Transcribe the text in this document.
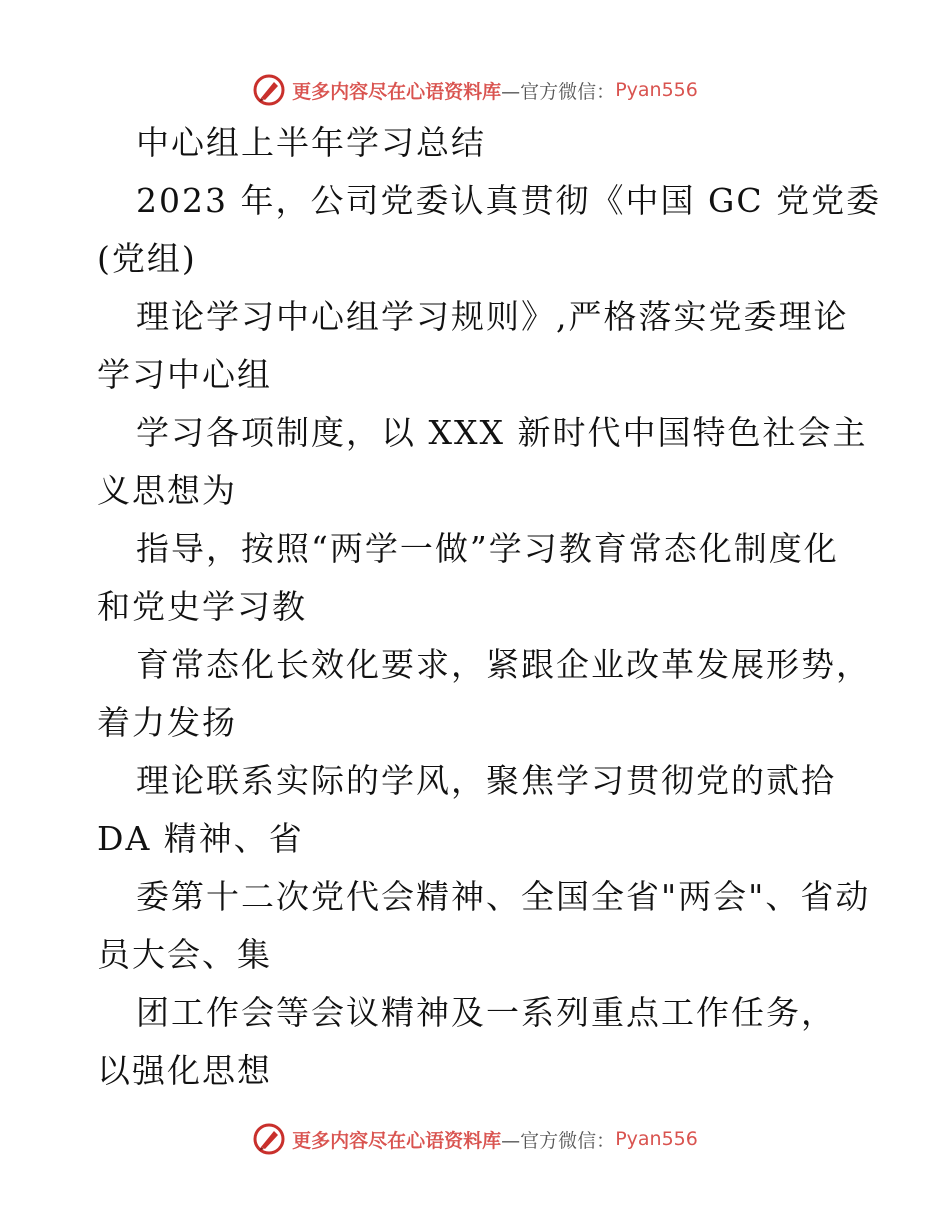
更多内容尽在心语资料库 —官方微信： Pyan556
中心组上半年学习总结
2023 年，公司党委认真贯彻《中国 GC 党党委
(党组)
理论学习中心组学习规则》,严格落实党委理论
学习中心组
学习各项制度，以 XXX 新时代中国特色社会主
义思想为
指导，按照“两学一做”学习教育常态化制度化
和党史学习教
育常态化长效化要求，紧跟企业改革发展形势，
着力发扬
理论联系实际的学风，聚焦学习贯彻党的贰拾
DA 精神、省
委第十二次党代会精神、全国全省"两会"、省动
员大会、集
团工作会等会议精神及一系列重点工作任务，
以强化思想
更多内容尽在心语资料库 —官方微信： Pyan556
